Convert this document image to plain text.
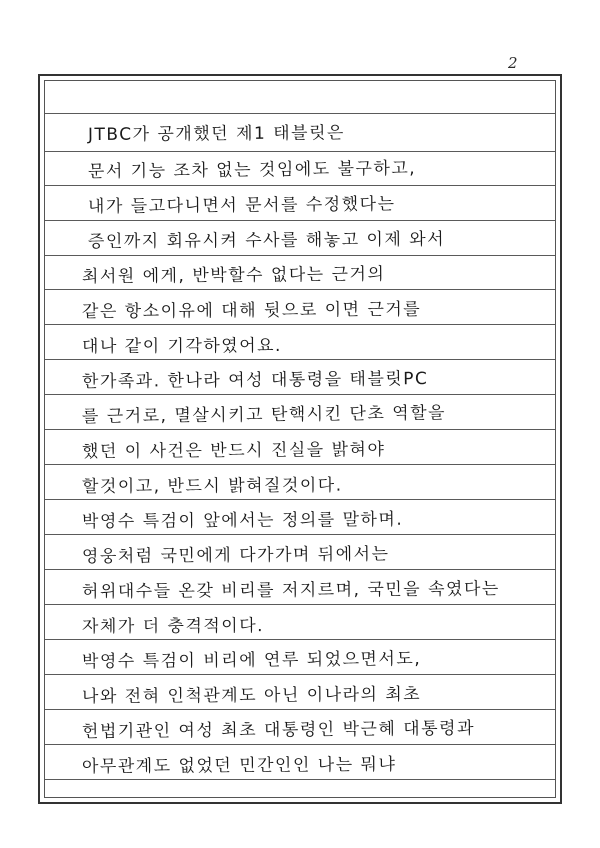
2
JTBC가 공개했던 제1 태블릿은
문서 기능 조차 없는 것임에도 불구하고,
내가 들고다니면서 문서를 수정했다는
증인까지 회유시켜 수사를 해놓고 이제 와서
최서원 에게, 반박할수 없다는 근거의
같은 항소이유에 대해 뒷으로 이면 근거를
대나 같이 기각하였어요.
한가족과. 한나라 여성 대통령을 태블릿PC
를 근거로, 멸살시키고 탄핵시킨 단초 역할을
했던 이 사건은 반드시 진실을 밝혀야
할것이고, 반드시 밝혀질것이다.
박영수 특검이 앞에서는 정의를 말하며.
영웅처럼 국민에게 다가가며 뒤에서는
허위대수들 온갖 비리를 저지르며, 국민을 속였다는
자체가 더 충격적이다.
박영수 특검이 비리에 연루 되었으면서도,
나와 전혀 인척관계도 아닌 이나라의 최초
헌법기관인 여성 최초 대통령인 박근혜 대통령과
아무관계도 없었던 민간인인 나는 뭐냐
